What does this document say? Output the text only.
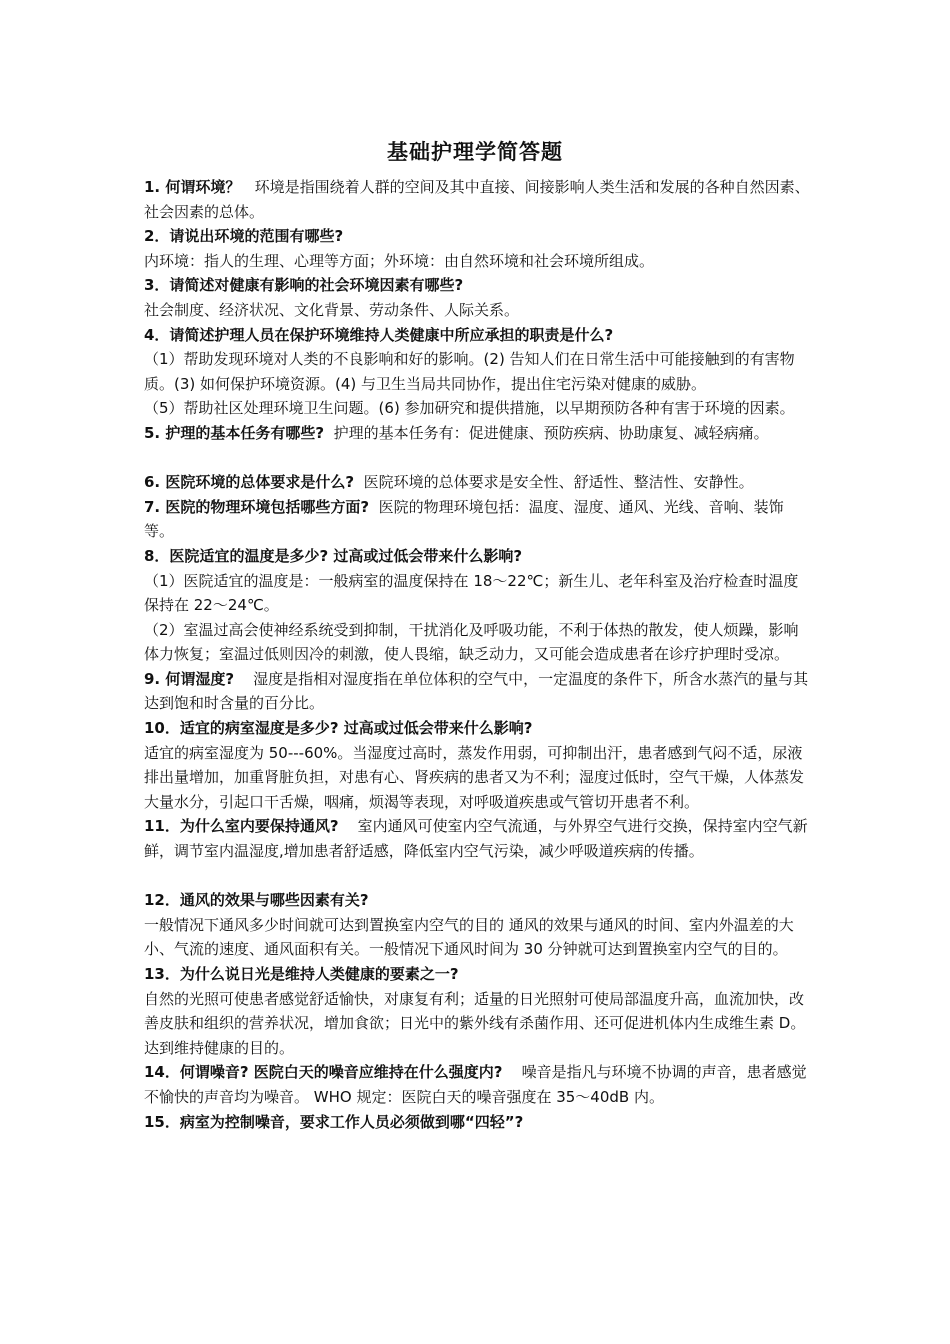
基础护理学简答题

1. 何谓环境？ 环境是指围绕着人群的空间及其中直接、间接影响人类生活和发展的各种自然因素、社会因素的总体。

2．请说出环境的范围有哪些?

内环境：指人的生理、心理等方面；外环境：由自然环境和社会环境所组成。

3．请简述对健康有影响的社会环境因素有哪些?

社会制度、经济状况、文化背景、劳动条件、人际关系。

4．请简述护理人员在保护环境维持人类健康中所应承担的职责是什么?

（1）帮助发现环境对人类的不良影响和好的影响。(2) 告知人们在日常生活中可能接触到的有害物质。(3) 如何保护环境资源。(4) 与卫生当局共同协作，提出住宅污染对健康的威胁。

（5）帮助社区处理环境卫生问题。(6) 参加研究和提供措施，以早期预防各种有害于环境的因素。

5. 护理的基本任务有哪些? 护理的基本任务有：促进健康、预防疾病、协助康复、减轻病痛。

6. 医院环境的总体要求是什么? 医院环境的总体要求是安全性、舒适性、整洁性、安静性。

7. 医院的物理环境包括哪些方面? 医院的物理环境包括：温度、湿度、通风、光线、音响、装饰等。

8．医院适宜的温度是多少? 过高或过低会带来什么影响?

（1）医院适宜的温度是：一般病室的温度保持在 18～22℃；新生儿、老年科室及治疗检查时温度保持在 22～24℃。

（2）室温过高会使神经系统受到抑制，干扰消化及呼吸功能，不利于体热的散发，使人烦躁，影响体力恢复；室温过低则因冷的刺激，使人畏缩，缺乏动力，又可能会造成患者在诊疗护理时受凉。

9. 何谓湿度? 湿度是指相对湿度指在单位体积的空气中，一定温度的条件下，所含水蒸汽的量与其达到饱和时含量的百分比。

10．适宜的病室湿度是多少? 过高或过低会带来什么影响?

适宜的病室湿度为 50---60%。当湿度过高时，蒸发作用弱，可抑制出汗，患者感到气闷不适，尿液排出量增加，加重肾脏负担，对患有心、肾疾病的患者又为不利；湿度过低时，空气干燥，人体蒸发大量水分，引起口干舌燥，咽痛，烦渴等表现，对呼吸道疾患或气管切开患者不利。

11．为什么室内要保持通风? 室内通风可使室内空气流通，与外界空气进行交换，保持室内空气新鲜，调节室内温湿度,增加患者舒适感，降低室内空气污染，减少呼吸道疾病的传播。

12．通风的效果与哪些因素有关?

一般情况下通风多少时间就可达到置换室内空气的目的 通风的效果与通风的时间、室内外温差的大小、气流的速度、通风面积有关。一般情况下通风时间为 30 分钟就可达到置换室内空气的目的。

13．为什么说日光是维持人类健康的要素之一?

自然的光照可使患者感觉舒适愉快，对康复有利；适量的日光照射可使局部温度升高，血流加快，改善皮肤和组织的营养状况，增加食欲；日光中的紫外线有杀菌作用、还可促进机体内生成维生素 D。达到维持健康的目的。

14．何谓噪音? 医院白天的噪音应维持在什么强度内? 噪音是指凡与环境不协调的声音，患者感觉不愉快的声音均为噪音。 WHO 规定：医院白天的噪音强度在 35～40dB 内。

15．病室为控制噪音，要求工作人员必须做到哪“四轻”?
